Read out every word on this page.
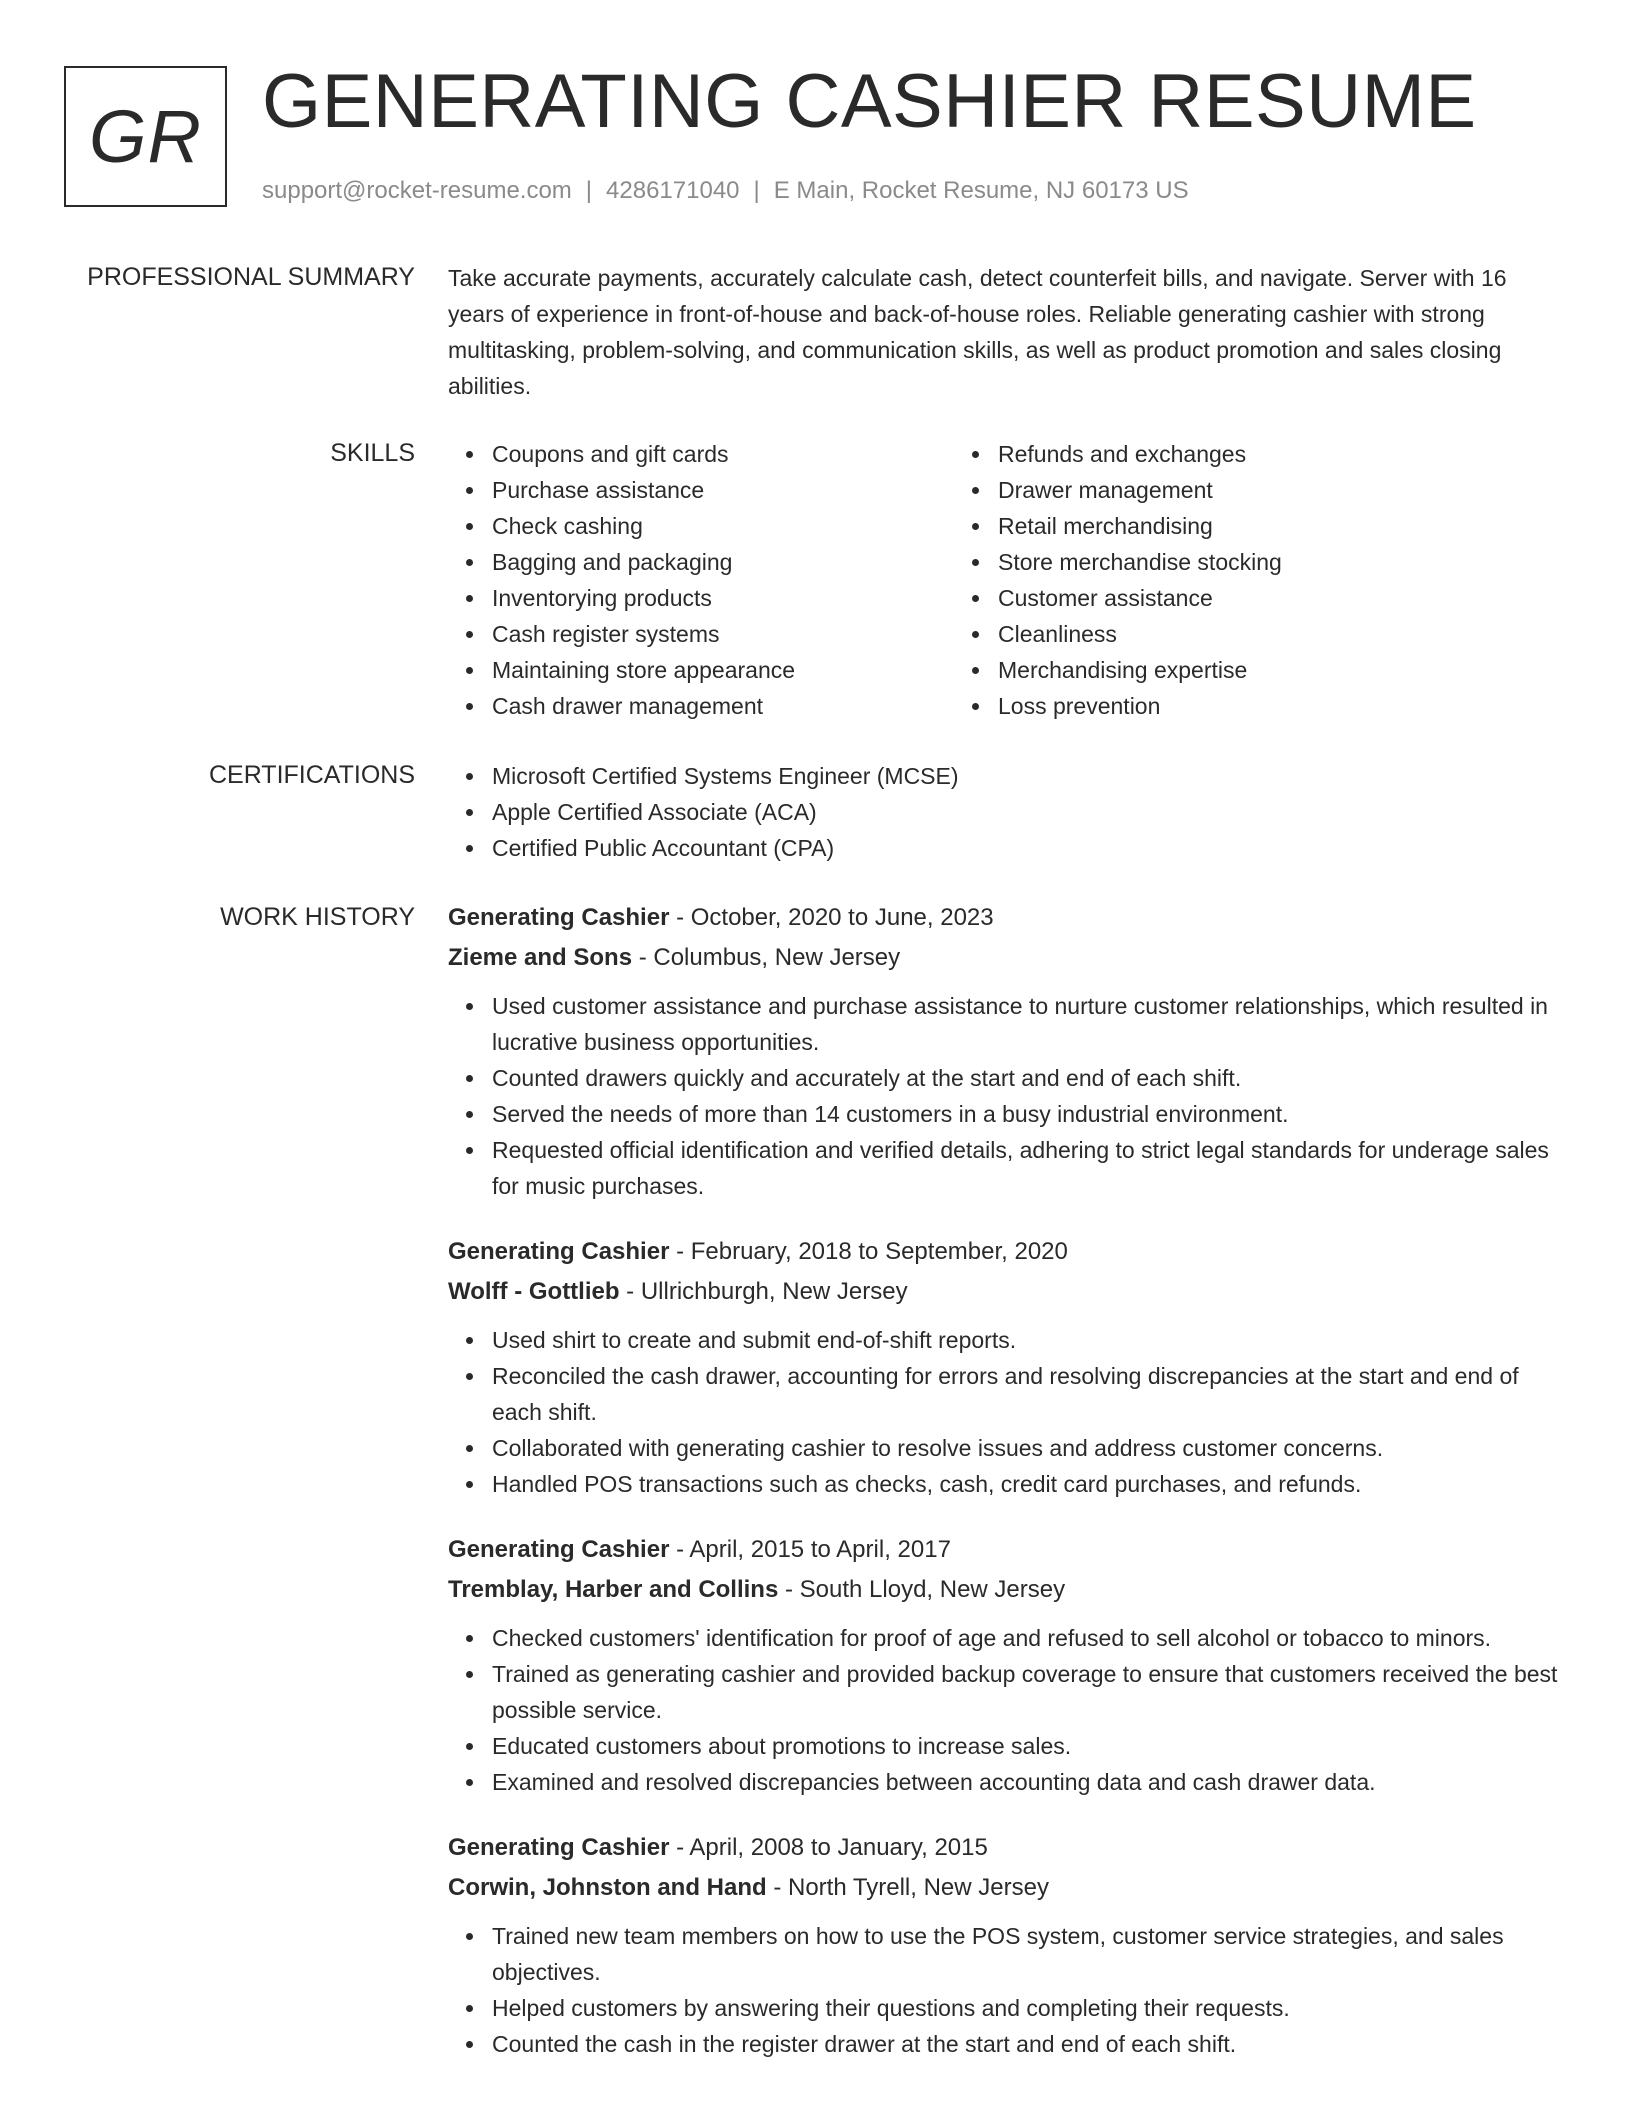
GR GENERATING CASHIER RESUME
support@rocket-resume.com | 4286171040 | E Main, Rocket Resume, NJ 60173 US
PROFESSIONAL SUMMARY Take accurate payments, accurately calculate cash, detect counterfeit bills, and navigate. Server with 16 years of experience in front-of-house and back-of-house roles. Reliable generating cashier with strong multitasking, problem-solving, and communication skills, as well as product promotion and sales closing abilities.

SKILLS	Coupons and gift cards
Purchase assistance
Check cashing
Bagging and packaging
Inventorying products
Cash register systems
Maintaining store appearance
Cash drawer management
Refunds and exchanges
Drawer management
Retail merchandising
Store merchandise stocking
Customer assistance
Cleanliness
Merchandising expertise
Loss prevention
CERTIFICATIONS	Microsoft Certified Systems Engineer (MCSE)
Apple Certified Associate (ACA)
Certified Public Accountant (CPA)
WORK HISTORY Generating Cashier - October, 2020 to June, 2023
Zieme and Sons - Columbus, New Jersey
Used customer assistance and purchase assistance to nurture customer relationships, which resulted in lucrative business opportunities.
Counted drawers quickly and accurately at the start and end of each shift.
Served the needs of more than 14 customers in a busy industrial environment.
Requested official identification and verified details, adhering to strict legal standards for underage sales for music purchases.
Generating Cashier - February, 2018 to September, 2020
Wolff - Gottlieb - Ullrichburgh, New Jersey
Used shirt to create and submit end-of-shift reports.
Reconciled the cash drawer, accounting for errors and resolving discrepancies at the start and end of each shift.
Collaborated with generating cashier to resolve issues and address customer concerns.
Handled POS transactions such as checks, cash, credit card purchases, and refunds.
Generating Cashier - April, 2015 to April, 2017
Tremblay, Harber and Collins - South Lloyd, New Jersey
Checked customers' identification for proof of age and refused to sell alcohol or tobacco to minors.
Trained as generating cashier and provided backup coverage to ensure that customers received the best possible service.
Educated customers about promotions to increase sales.
Examined and resolved discrepancies between accounting data and cash drawer data.
Generating Cashier - April, 2008 to January, 2015
Corwin, Johnston and Hand - North Tyrell, New Jersey
Trained new team members on how to use the POS system, customer service strategies, and sales objectives.
Helped customers by answering their questions and completing their requests.
Counted the cash in the register drawer at the start and end of each shift.
